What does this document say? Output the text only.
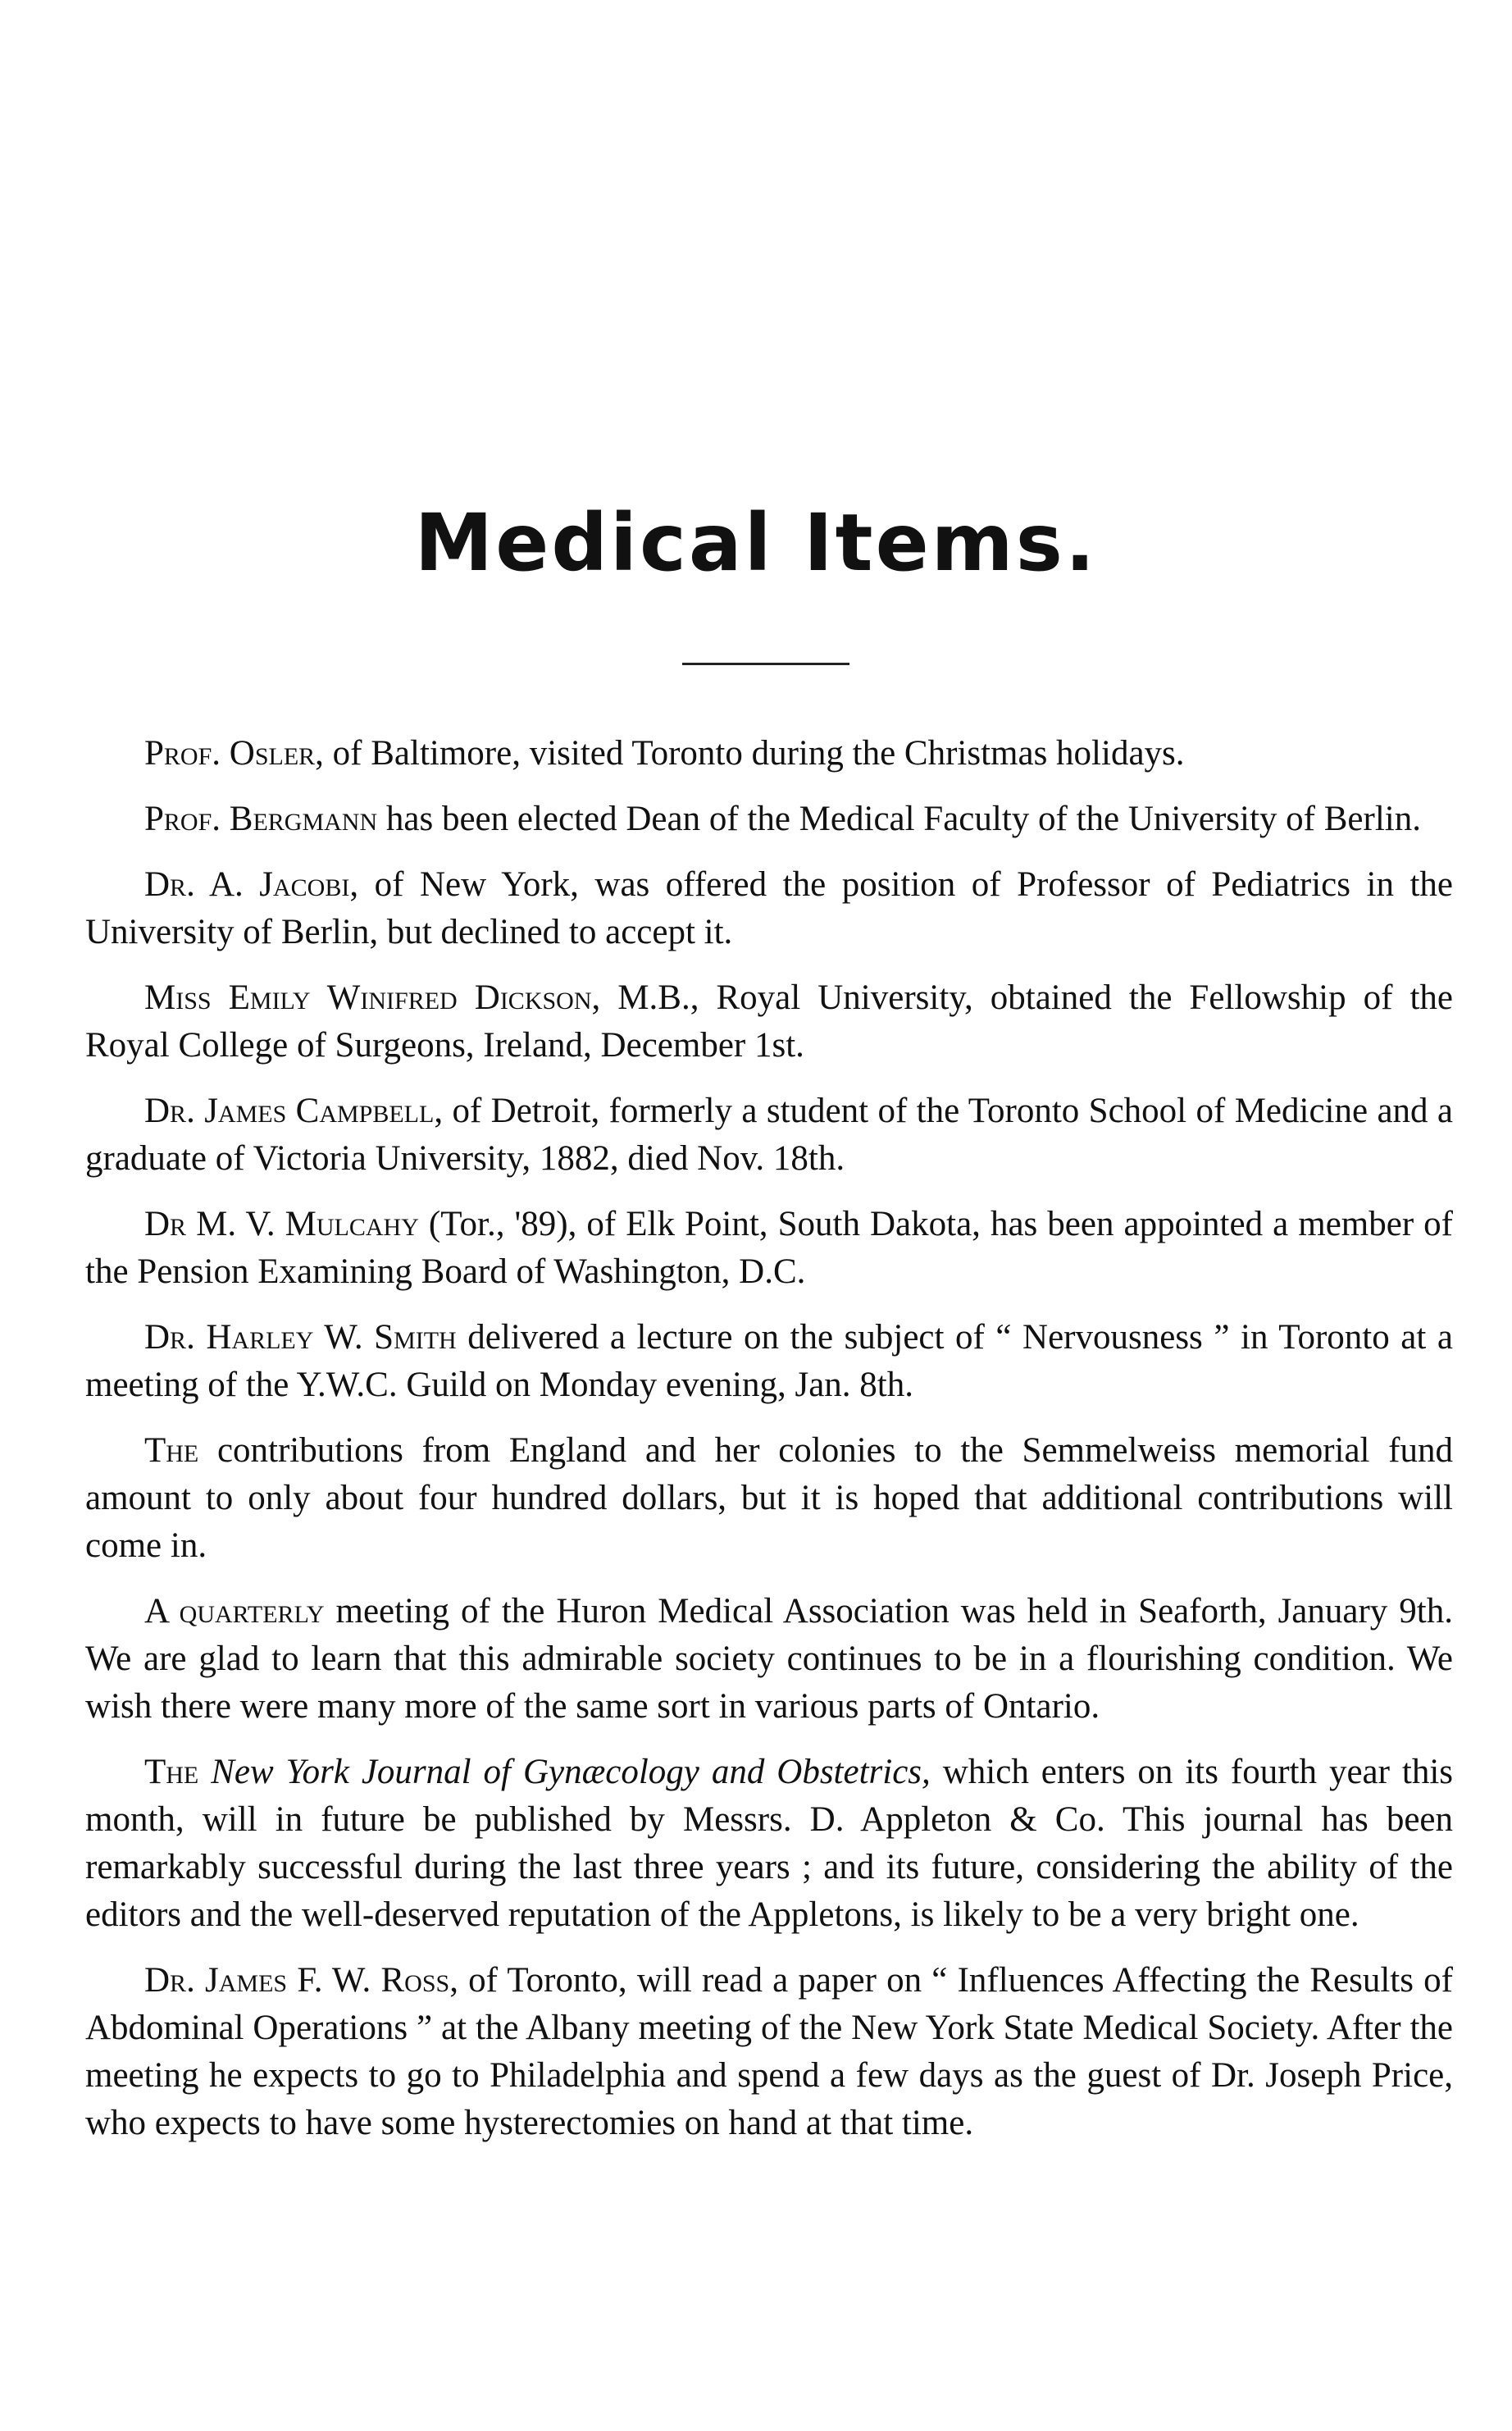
Medical Items.

Prof. Osler, of Baltimore, visited Toronto during the Christmas holidays.

Prof. Bergmann has been elected Dean of the Medical Faculty of the University of Berlin.

Dr. A. Jacobi, of New York, was offered the position of Professor of Pediatrics in the University of Berlin, but declined to accept it.

Miss Emily Winifred Dickson, M.B., Royal University, obtained the Fellowship of the Royal College of Surgeons, Ireland, December 1st.

Dr. James Campbell, of Detroit, formerly a student of the Toronto School of Medicine and a graduate of Victoria University, 1882, died Nov. 18th.

Dr M. V. Mulcahy (Tor., '89), of Elk Point, South Dakota, has been appointed a member of the Pension Examining Board of Washington, D.C.

Dr. Harley W. Smith delivered a lecture on the subject of “ Nervousness ” in Toronto at a meeting of the Y.W.C. Guild on Monday evening, Jan. 8th.

The contributions from England and her colonies to the Semmelweiss memorial fund amount to only about four hundred dollars, but it is hoped that additional contributions will come in.

A quarterly meeting of the Huron Medical Association was held in Seaforth, January 9th. We are glad to learn that this admirable society continues to be in a flourishing condition. We wish there were many more of the same sort in various parts of Ontario.

The New York Journal of Gynæcology and Obstetrics, which enters on its fourth year this month, will in future be published by Messrs. D. Appleton & Co. This journal has been remarkably successful during the last three years ; and its future, considering the ability of the editors and the well-deserved reputation of the Appletons, is likely to be a very bright one.

Dr. James F. W. Ross, of Toronto, will read a paper on “ Influences Affecting the Results of Abdominal Operations ” at the Albany meeting of the New York State Medical Society. After the meeting he expects to go to Philadelphia and spend a few days as the guest of Dr. Joseph Price, who expects to have some hysterectomies on hand at that time.
